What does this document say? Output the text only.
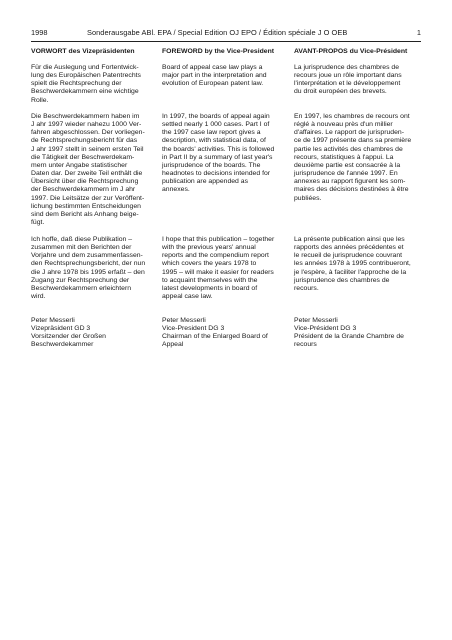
1998	Sonderausgabe ABl. EPA / Special Edition OJ EPO / Édition spéciale J O OEB	1
VORWORT des Vizepräsidenten

Für die Auslegung und Fortentwick-
lung des Europäischen Patentrechts
spielt die Rechtsprechung der
Beschwerdekammern eine wichtige
Rolle.

Die Beschwerdekammern haben im
J ahr 1997 wieder nahezu 1000 Ver-
fahren abgeschlossen. Der vorliegen-
de Rechtsprechungsbericht für das
J ahr 1997 stellt in seinem ersten Teil
die Tätigkeit der Beschwerdekam-
mern unter Angabe statistischer
Daten dar. Der zweite Teil enthält die
Übersicht über die Rechtsprechung
der Beschwerdekammern im J ahr
1997. Die Leitsätze der zur Veröffent-
lichung bestimmten Entscheidungen
sind dem Bericht als Anhang beige-
fügt.

Ich hoffe, daß diese Publikation –
zusammen mit den Berichten der
Vorjahre und dem zusammenfassen-
den Rechtsprechungsbericht, der nun
die J ahre 1978 bis 1995 erfaßt – den
Zugang zur Rechtsprechung der
Beschwerdekammern erleichtern
wird.

Peter Messerli
Vizepräsident GD 3
Vorsitzender der Großen
Beschwerdekammer

FOREWORD by the Vice-President

Board of appeal case law plays a
major part in the interpretation and
evolution of European patent law.

In 1997, the boards of appeal again
settled nearly 1 000 cases. Part I of
the 1997 case law report gives a
description, with statistical data, of
the boards' activities. This is followed
in Part II by a summary of last year's
jurisprudence of the boards. The
headnotes to decisions intended for
publication are appended as
annexes.

I hope that this publication – together
with the previous years' annual
reports and the compendium report
which covers the years 1978 to
1995 – will make it easier for readers
to acquaint themselves with the
latest developments in board of
appeal case law.

Peter Messerli
Vice-President DG 3
Chairman of the Enlarged Board of
Appeal

AVANT-PROPOS du Vice-Président

La jurisprudence des chambres de
recours joue un rôle important dans
l'interprétation et le développement
du droit européen des brevets.

En 1997, les chambres de recours ont
réglé à nouveau près d'un millier
d'affaires. Le rapport de jurispruden-
ce de 1997 présente dans sa première
partie les activités des chambres de
recours, statistiques à l'appui. La
deuxième partie est consacrée à la
jurisprudence de l'année 1997. En
annexes au rapport figurent les som-
maires des décisions destinées à être
publiées.

La présente publication ainsi que les
rapports des années précédentes et
le recueil de jurisprudence couvrant
les années 1978 à 1995 contribueront,
je l'espère, à faciliter l'approche de la
jurisprudence des chambres de
recours.

Peter Messerli
Vice-Président DG 3
Président de la Grande Chambre de
recours
